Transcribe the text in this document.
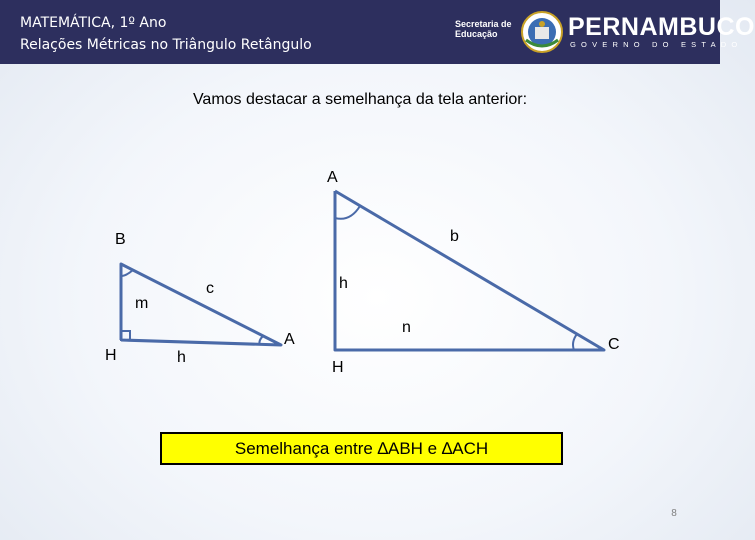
MATEMÁTICA, 1º Ano
Relações Métricas no Triângulo Retângulo
Secretaria de Educação	PERNAMBUCO
GOVERNO DO ESTADO
Vamos destacar a semelhança da tela anterior:
H
B
A
m
c
h
A
H
C
b
h
n
Semelhança entre ∆ABH e ∆ACH
8
